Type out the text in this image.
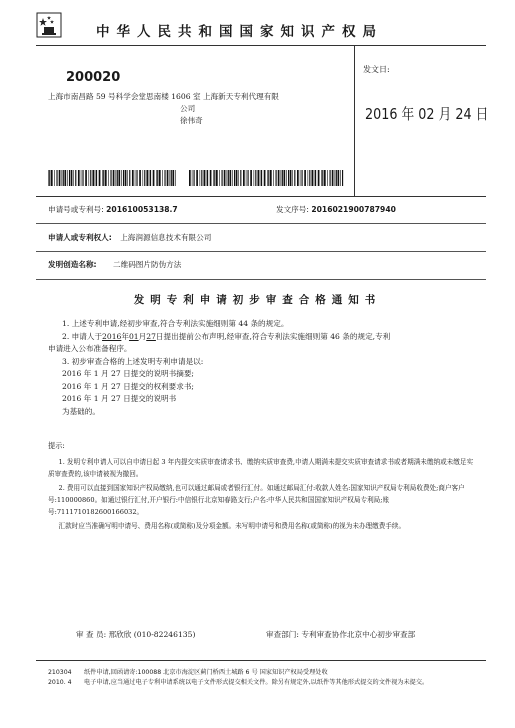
中华人民共和国国家知识产权局
200020
上海市南昌路 59 号科学会堂思南楼 1606 室 上海新天专利代理有限
公司
徐伟奇
发文日:
2016 年 02 月 24 日
申请号或专利号: 201610053138.7	发文序号: 2016021900787940
申请人或专利权人: 上海润源信息技术有限公司
发明创造名称: 二维码图片防伪方法
发明专利申请初步审查合格通知书

1. 上述专利申请,经初步审查,符合专利法实施细则第 44 条的规定。

2. 申请人于2016年01月27日提出提前公布声明,经审查,符合专利法实施细则第 46 条的规定,专利

申请进入公布准备程序。

3. 初步审查合格的上述发明专利申请是以:

2016 年 1 月 27 日提交的说明书摘要;

2016 年 1 月 27 日提交的权利要求书;

2016 年 1 月 27 日提交的说明书

为基础的。

提示:

1. 发明专利申请人可以自申请日起 3 年内提交实质审查请求书、缴纳实质审查费,申请人期满未提交实质审查请求书或者期满未缴纳或未缴足实质审查费的,该申请被视为撤回。

2. 费用可以直接到国家知识产权局缴纳,也可以通过邮局或者银行汇付。如通过邮局汇付:收款人姓名:国家知识产权局专利局收费处;商户客户号:110000860。如通过银行汇付,开户银行:中信银行北京知春路支行;户名:中华人民共和国国家知识产权局专利局;账号:7111710182600166032。

汇款时应当准确写明申请号、费用名称(或简称)及分项金额。未写明申请号和费用名称(或简称)的视为未办理缴费手续。

审 查 员: 邢欣欣 (010-82246135)	审查部门: 专利审查协作北京中心初步审查部
210304	纸件申请,回函请寄:100088 北京市海淀区蓟门桥西土城路 6 号 国家知识产权局受理处收
2010. 4	电子申请,应当通过电子专利申请系统以电子文件形式提交相关文件。除另有规定外,以纸件等其他形式提交的文件视为未提交。
